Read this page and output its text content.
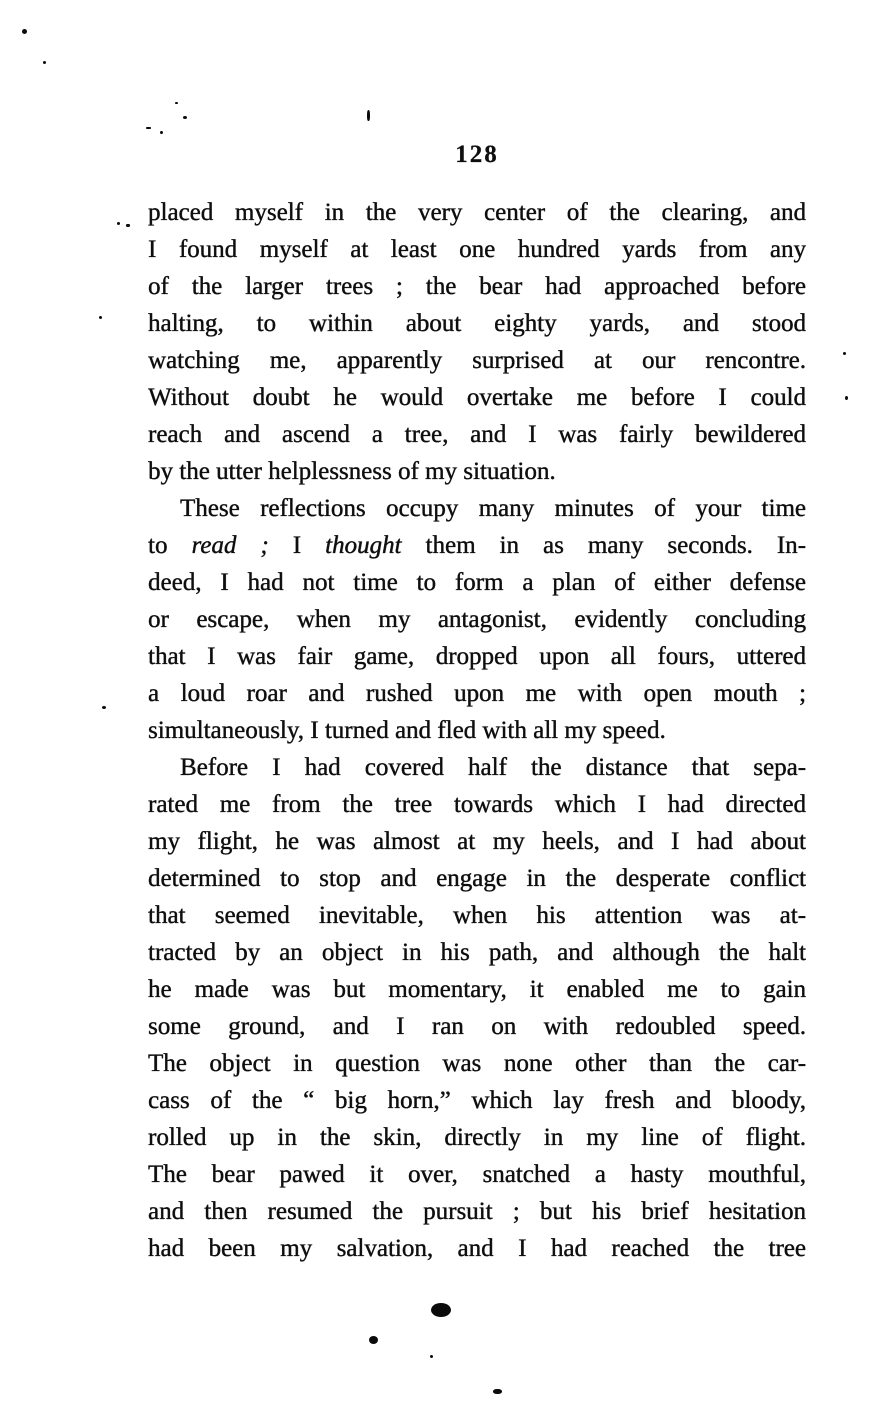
128
placed myself in the very center of the clearing, and
I found myself at least one hundred yards from any
of the larger trees ; the bear had approached before
halting, to within about eighty yards, and stood
watching me, apparently surprised at our rencontre.
Without doubt he would overtake me before I could
reach and ascend a tree, and I was fairly bewildered
by the utter helplessness of my situation.
These reflections occupy many minutes of your time
to read ; I thought them in as many seconds. In-
deed, I had not time to form a plan of either defense
or escape, when my antagonist, evidently concluding
that I was fair game, dropped upon all fours, uttered
a loud roar and rushed upon me with open mouth ;
simultaneously, I turned and fled with all my speed.
Before I had covered half the distance that sepa-
rated me from the tree towards which I had directed
my flight, he was almost at my heels, and I had about
determined to stop and engage in the desperate conflict
that seemed inevitable, when his attention was at-
tracted by an object in his path, and although the halt
he made was but momentary, it enabled me to gain
some ground, and I ran on with redoubled speed.
The object in question was none other than the car-
cass of the “ big horn,” which lay fresh and bloody,
rolled up in the skin, directly in my line of flight.
The bear pawed it over, snatched a hasty mouthful,
and then resumed the pursuit ; but his brief hesitation
had been my salvation, and I had reached the tree
